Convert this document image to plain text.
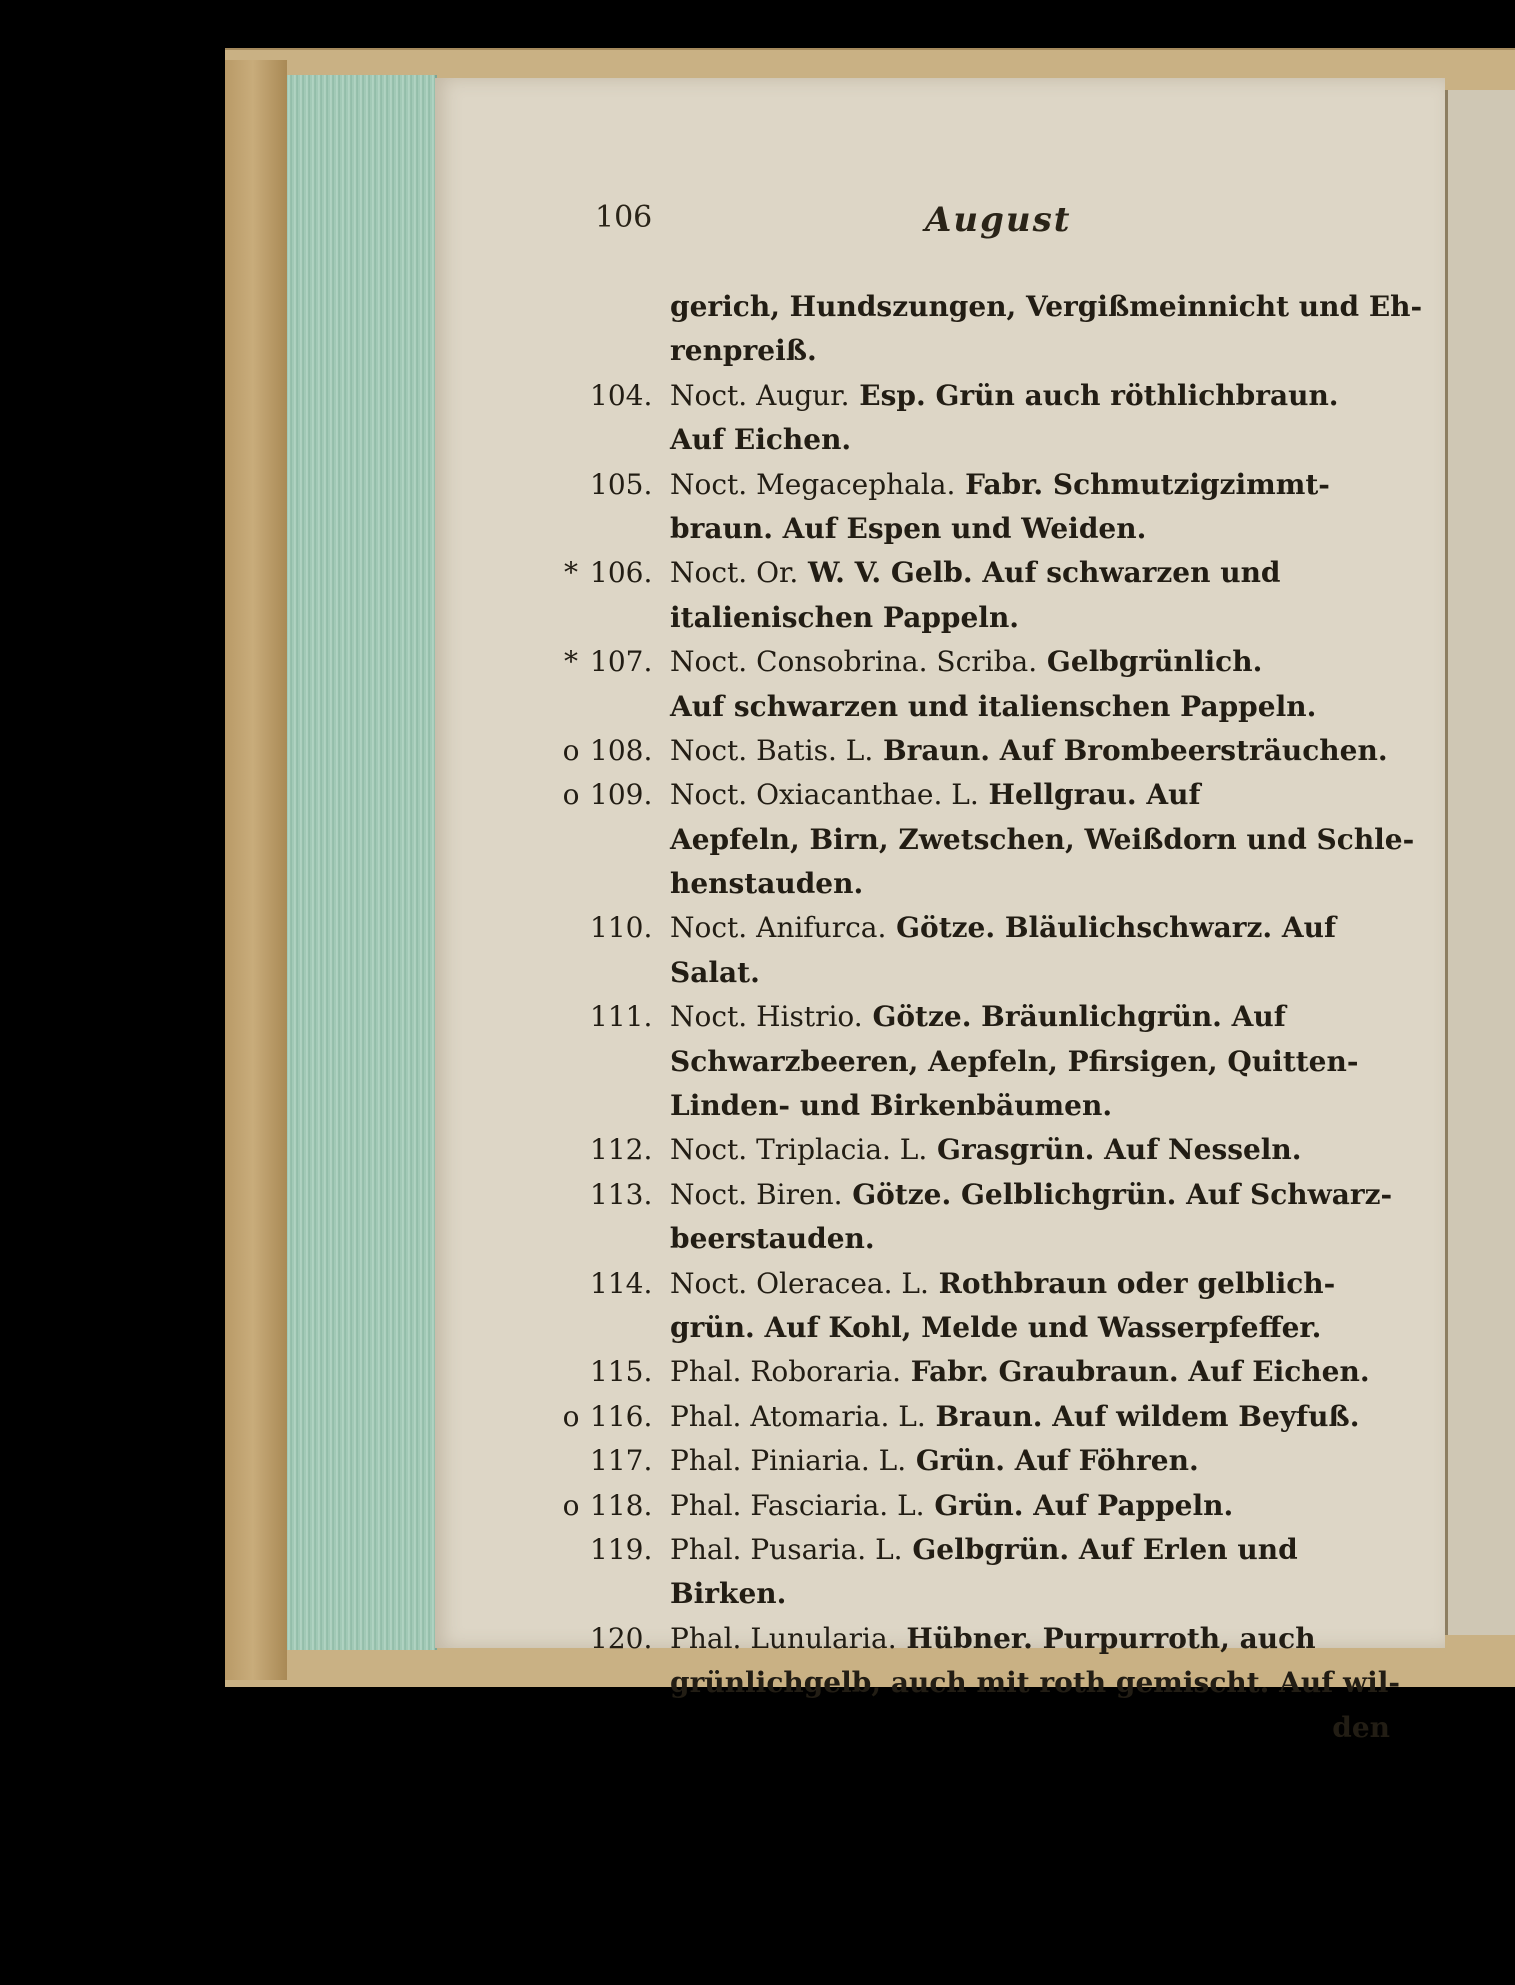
106	August
gerich, Hundszungen, Vergißmeinnicht und Eh-
renpreiß.
104. Noct. Augur. Esp. Grün auch röthlichbraun.
Auf Eichen.
105. Noct. Megacephala. Fabr. Schmutzigzimmt-
braun. Auf Espen und Weiden.
* 106. Noct. Or. W. V. Gelb. Auf schwarzen und
italienischen Pappeln.
* 107. Noct. Consobrina. Scriba. Gelbgrünlich.
Auf schwarzen und italienschen Pappeln.
o 108. Noct. Batis. L. Braun. Auf Brombeersträuchen.
o 109. Noct. Oxiacanthae. L. Hellgrau. Auf
Aepfeln, Birn, Zwetschen, Weißdorn und Schle-
henstauden.
110. Noct. Anifurca. Götze. Bläulichschwarz. Auf
Salat.
111. Noct. Histrio. Götze. Bräunlichgrün. Auf
Schwarzbeeren, Aepfeln, Pfirsigen, Quitten-
Linden- und Birkenbäumen.
112. Noct. Triplacia. L. Grasgrün. Auf Nesseln.
113. Noct. Biren. Götze. Gelblichgrün. Auf Schwarz-
beerstauden.
114. Noct. Oleracea. L. Rothbraun oder gelblich-
grün. Auf Kohl, Melde und Wasserpfeffer.
115. Phal. Roboraria. Fabr. Graubraun. Auf Eichen.
o 116. Phal. Atomaria. L. Braun. Auf wildem Beyfuß.
117. Phal. Piniaria. L. Grün. Auf Föhren.
o 118. Phal. Fasciaria. L. Grün. Auf Pappeln.
119. Phal. Pusaria. L. Gelbgrün. Auf Erlen und
Birken.
120. Phal. Lunularia. Hübner. Purpurroth, auch
grünlichgelb, auch mit roth gemischt. Auf wil-
den
